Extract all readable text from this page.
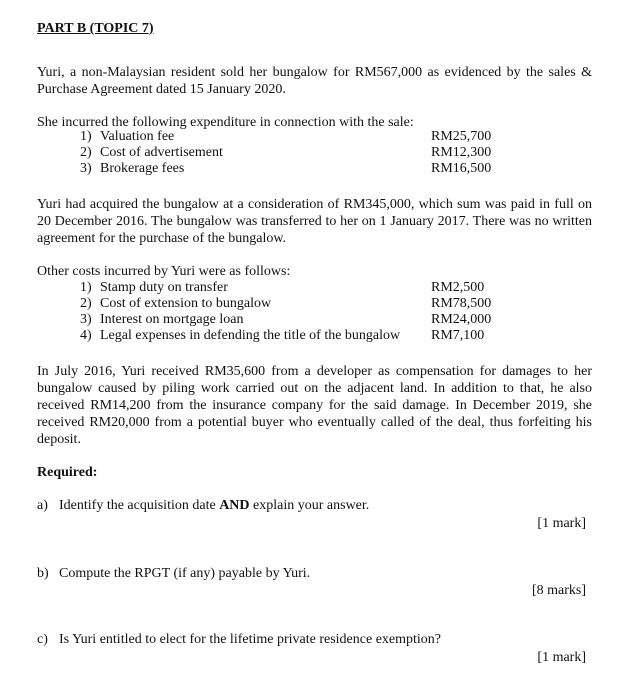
PART B (TOPIC 7)
Yuri, a non-Malaysian resident sold her bungalow for RM567,000 as evidenced by the sales & Purchase Agreement dated 15 January 2020.
She incurred the following expenditure in connection with the sale:
1) Valuation fee	RM25,700
2) Cost of advertisement	RM12,300
3) Brokerage fees	RM16,500
Yuri had acquired the bungalow at a consideration of RM345,000, which sum was paid in full on 20 December 2016. The bungalow was transferred to her on 1 January 2017. There was no written agreement for the purchase of the bungalow.
Other costs incurred by Yuri were as follows:
1) Stamp duty on transfer	RM2,500
2) Cost of extension to bungalow	RM78,500
3) Interest on mortgage loan	RM24,000
4) Legal expenses in defending the title of the bungalow RM7,100
In July 2016, Yuri received RM35,600 from a developer as compensation for damages to her bungalow caused by piling work carried out on the adjacent land. In addition to that, he also received RM14,200 from the insurance company for the said damage. In December 2019, she received RM20,000 from a potential buyer who eventually called of the deal, thus forfeiting his deposit.
Required:
a) Identify the acquisition date AND explain your answer.
[1 mark]
b) Compute the RPGT (if any) payable by Yuri.
[8 marks]
c) Is Yuri entitled to elect for the lifetime private residence exemption?
[1 mark]
